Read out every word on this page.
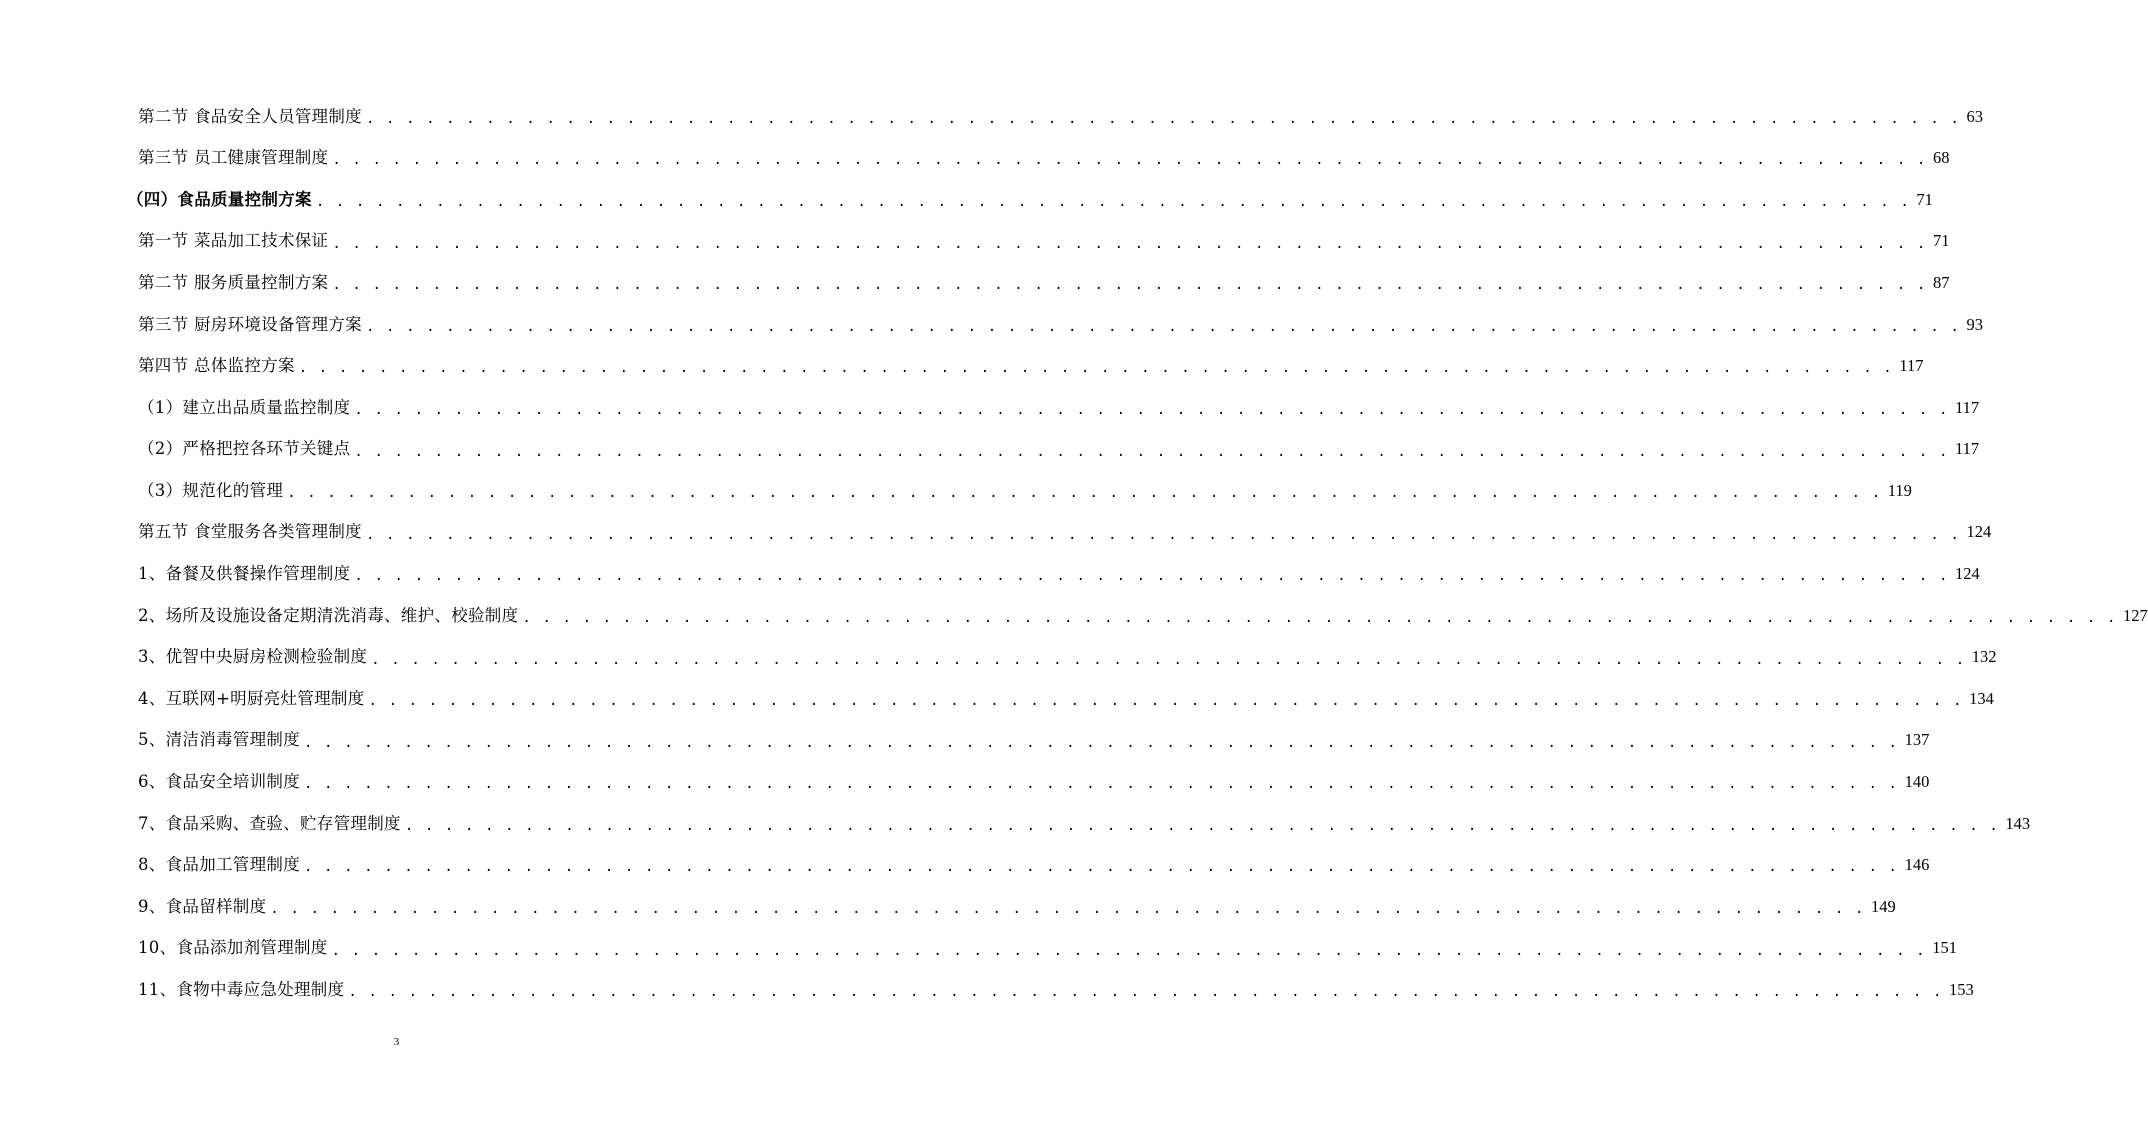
第二节 食品安全人员管理制度 . . . . . . . . . . . . . . . . . . . . . . . . . . . . . . . . . . . . . . . . . . . . . . . . . . . . . . . . . . . . . . . . . . . . . . . . . . . . . . . . 63
第三节 员工健康管理制度 . . . . . . . . . . . . . . . . . . . . . . . . . . . . . . . . . . . . . . . . . . . . . . . . . . . . . . . . . . . . . . . . . . . . . . . . . . . . . . . . 68
（四）食品质量控制方案 . . . . . . . . . . . . . . . . . . . . . . . . . . . . . . . . . . . . . . . . . . . . . . . . . . . . . . . . . . . . . . . . . . . . . . . . . . . . . . . . 71
第一节 菜品加工技术保证 . . . . . . . . . . . . . . . . . . . . . . . . . . . . . . . . . . . . . . . . . . . . . . . . . . . . . . . . . . . . . . . . . . . . . . . . . . . . . . . . 71
第二节 服务质量控制方案 . . . . . . . . . . . . . . . . . . . . . . . . . . . . . . . . . . . . . . . . . . . . . . . . . . . . . . . . . . . . . . . . . . . . . . . . . . . . . . . . 87
第三节 厨房环境设备管理方案 . . . . . . . . . . . . . . . . . . . . . . . . . . . . . . . . . . . . . . . . . . . . . . . . . . . . . . . . . . . . . . . . . . . . . . . . . . . . . . . . 93
第四节 总体监控方案 . . . . . . . . . . . . . . . . . . . . . . . . . . . . . . . . . . . . . . . . . . . . . . . . . . . . . . . . . . . . . . . . . . . . . . . . . . . . . . . . 117
（1）建立出品质量监控制度 . . . . . . . . . . . . . . . . . . . . . . . . . . . . . . . . . . . . . . . . . . . . . . . . . . . . . . . . . . . . . . . . . . . . . . . . . . . . . . . . 117
（2）严格把控各环节关键点 . . . . . . . . . . . . . . . . . . . . . . . . . . . . . . . . . . . . . . . . . . . . . . . . . . . . . . . . . . . . . . . . . . . . . . . . . . . . . . . . 117
（3）规范化的管理 . . . . . . . . . . . . . . . . . . . . . . . . . . . . . . . . . . . . . . . . . . . . . . . . . . . . . . . . . . . . . . . . . . . . . . . . . . . . . . . . 119
第五节 食堂服务各类管理制度 . . . . . . . . . . . . . . . . . . . . . . . . . . . . . . . . . . . . . . . . . . . . . . . . . . . . . . . . . . . . . . . . . . . . . . . . . . . . . . . . 124
1、备餐及供餐操作管理制度 . . . . . . . . . . . . . . . . . . . . . . . . . . . . . . . . . . . . . . . . . . . . . . . . . . . . . . . . . . . . . . . . . . . . . . . . . . . . . . . . 124
2、场所及设施设备定期清洗消毒、维护、校验制度 . . . . . . . . . . . . . . . . . . . . . . . . . . . . . . . . . . . . . . . . . . . . . . . . . . . . . . . . . . . . . . . . . . . . . . . . . . . . . . . . 127
3、优智中央厨房检测检验制度 . . . . . . . . . . . . . . . . . . . . . . . . . . . . . . . . . . . . . . . . . . . . . . . . . . . . . . . . . . . . . . . . . . . . . . . . . . . . . . . . 132
4、互联网+明厨亮灶管理制度 . . . . . . . . . . . . . . . . . . . . . . . . . . . . . . . . . . . . . . . . . . . . . . . . . . . . . . . . . . . . . . . . . . . . . . . . . . . . . . . . 134
5、清洁消毒管理制度 . . . . . . . . . . . . . . . . . . . . . . . . . . . . . . . . . . . . . . . . . . . . . . . . . . . . . . . . . . . . . . . . . . . . . . . . . . . . . . . . 137
6、食品安全培训制度 . . . . . . . . . . . . . . . . . . . . . . . . . . . . . . . . . . . . . . . . . . . . . . . . . . . . . . . . . . . . . . . . . . . . . . . . . . . . . . . . 140
7、食品采购、查验、贮存管理制度 . . . . . . . . . . . . . . . . . . . . . . . . . . . . . . . . . . . . . . . . . . . . . . . . . . . . . . . . . . . . . . . . . . . . . . . . . . . . . . . . 143
8、食品加工管理制度 . . . . . . . . . . . . . . . . . . . . . . . . . . . . . . . . . . . . . . . . . . . . . . . . . . . . . . . . . . . . . . . . . . . . . . . . . . . . . . . . 146
9、食品留样制度 . . . . . . . . . . . . . . . . . . . . . . . . . . . . . . . . . . . . . . . . . . . . . . . . . . . . . . . . . . . . . . . . . . . . . . . . . . . . . . . . 149
10、食品添加剂管理制度 . . . . . . . . . . . . . . . . . . . . . . . . . . . . . . . . . . . . . . . . . . . . . . . . . . . . . . . . . . . . . . . . . . . . . . . . . . . . . . . . 151
11、食物中毒应急处理制度 . . . . . . . . . . . . . . . . . . . . . . . . . . . . . . . . . . . . . . . . . . . . . . . . . . . . . . . . . . . . . . . . . . . . . . . . . . . . . . . . 153
3
